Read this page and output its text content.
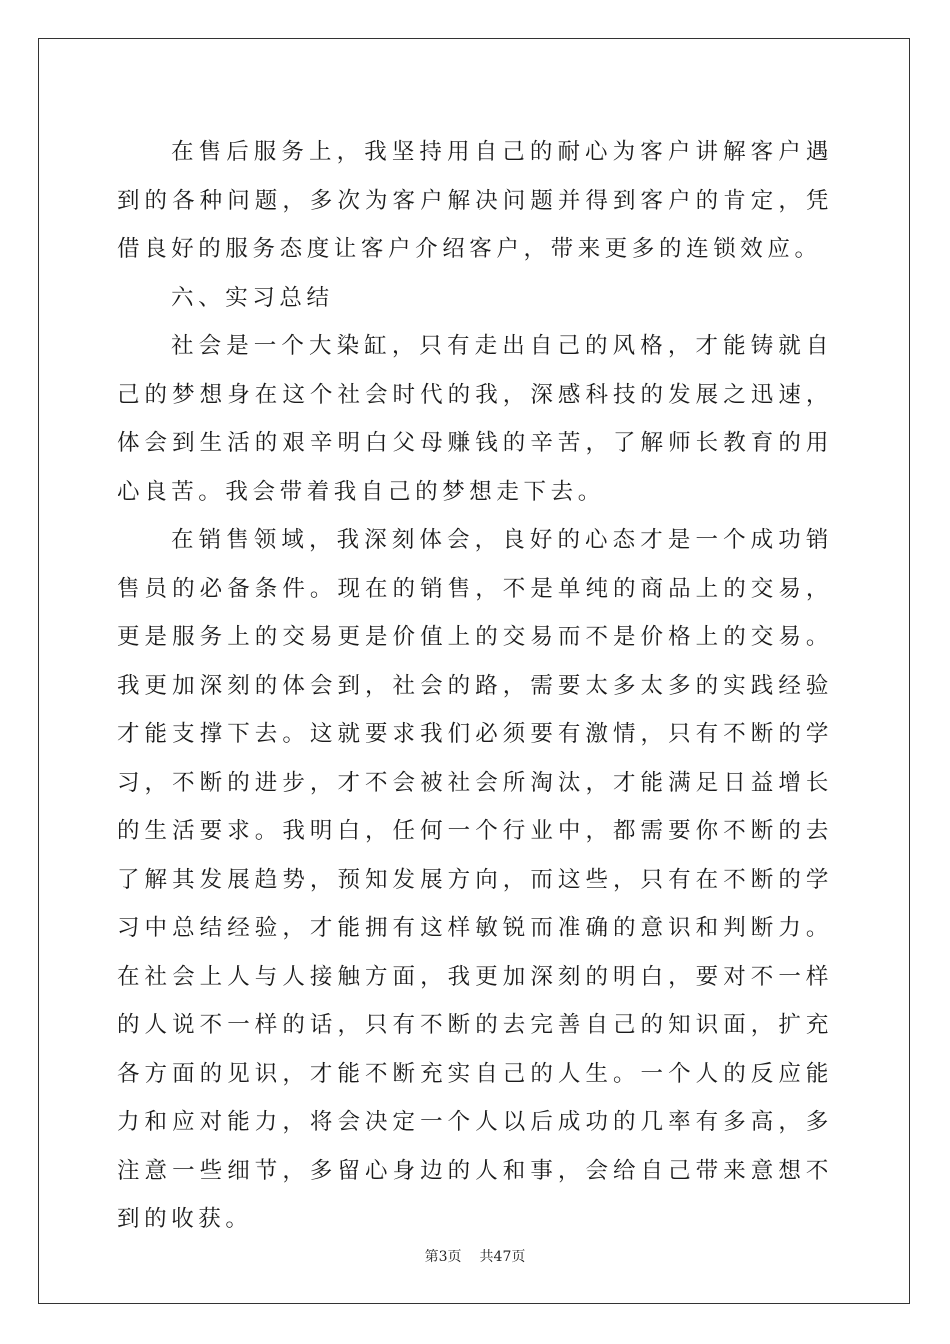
在售后服务上，我坚持用自己的耐心为客户讲解客户遇到的各种问题，多次为客户解决问题并得到客户的肯定，凭借良好的服务态度让客户介绍客户，带来更多的连锁效应。

六、实习总结

社会是一个大染缸，只有走出自己的风格，才能铸就自己的梦想身在这个社会时代的我，深感科技的发展之迅速，体会到生活的艰辛明白父母赚钱的辛苦，了解师长教育的用心良苦。我会带着我自己的梦想走下去。

在销售领域，我深刻体会，良好的心态才是一个成功销售员的必备条件。现在的销售，不是单纯的商品上的交易，更是服务上的交易更是价值上的交易而不是价格上的交易。我更加深刻的体会到，社会的路，需要太多太多的实践经验才能支撑下去。这就要求我们必须要有激情，只有不断的学习，不断的进步，才不会被社会所淘汰，才能满足日益增长的生活要求。我明白，任何一个行业中，都需要你不断的去了解其发展趋势，预知发展方向，而这些，只有在不断的学习中总结经验，才能拥有这样敏锐而准确的意识和判断力。在社会上人与人接触方面，我更加深刻的明白，要对不一样的人说不一样的话，只有不断的去完善自己的知识面，扩充各方面的见识，才能不断充实自己的人生。一个人的反应能力和应对能力，将会决定一个人以后成功的几率有多高，多注意一些细节，多留心身边的人和事，会给自己带来意想不到的收获。

第3页 共47页
